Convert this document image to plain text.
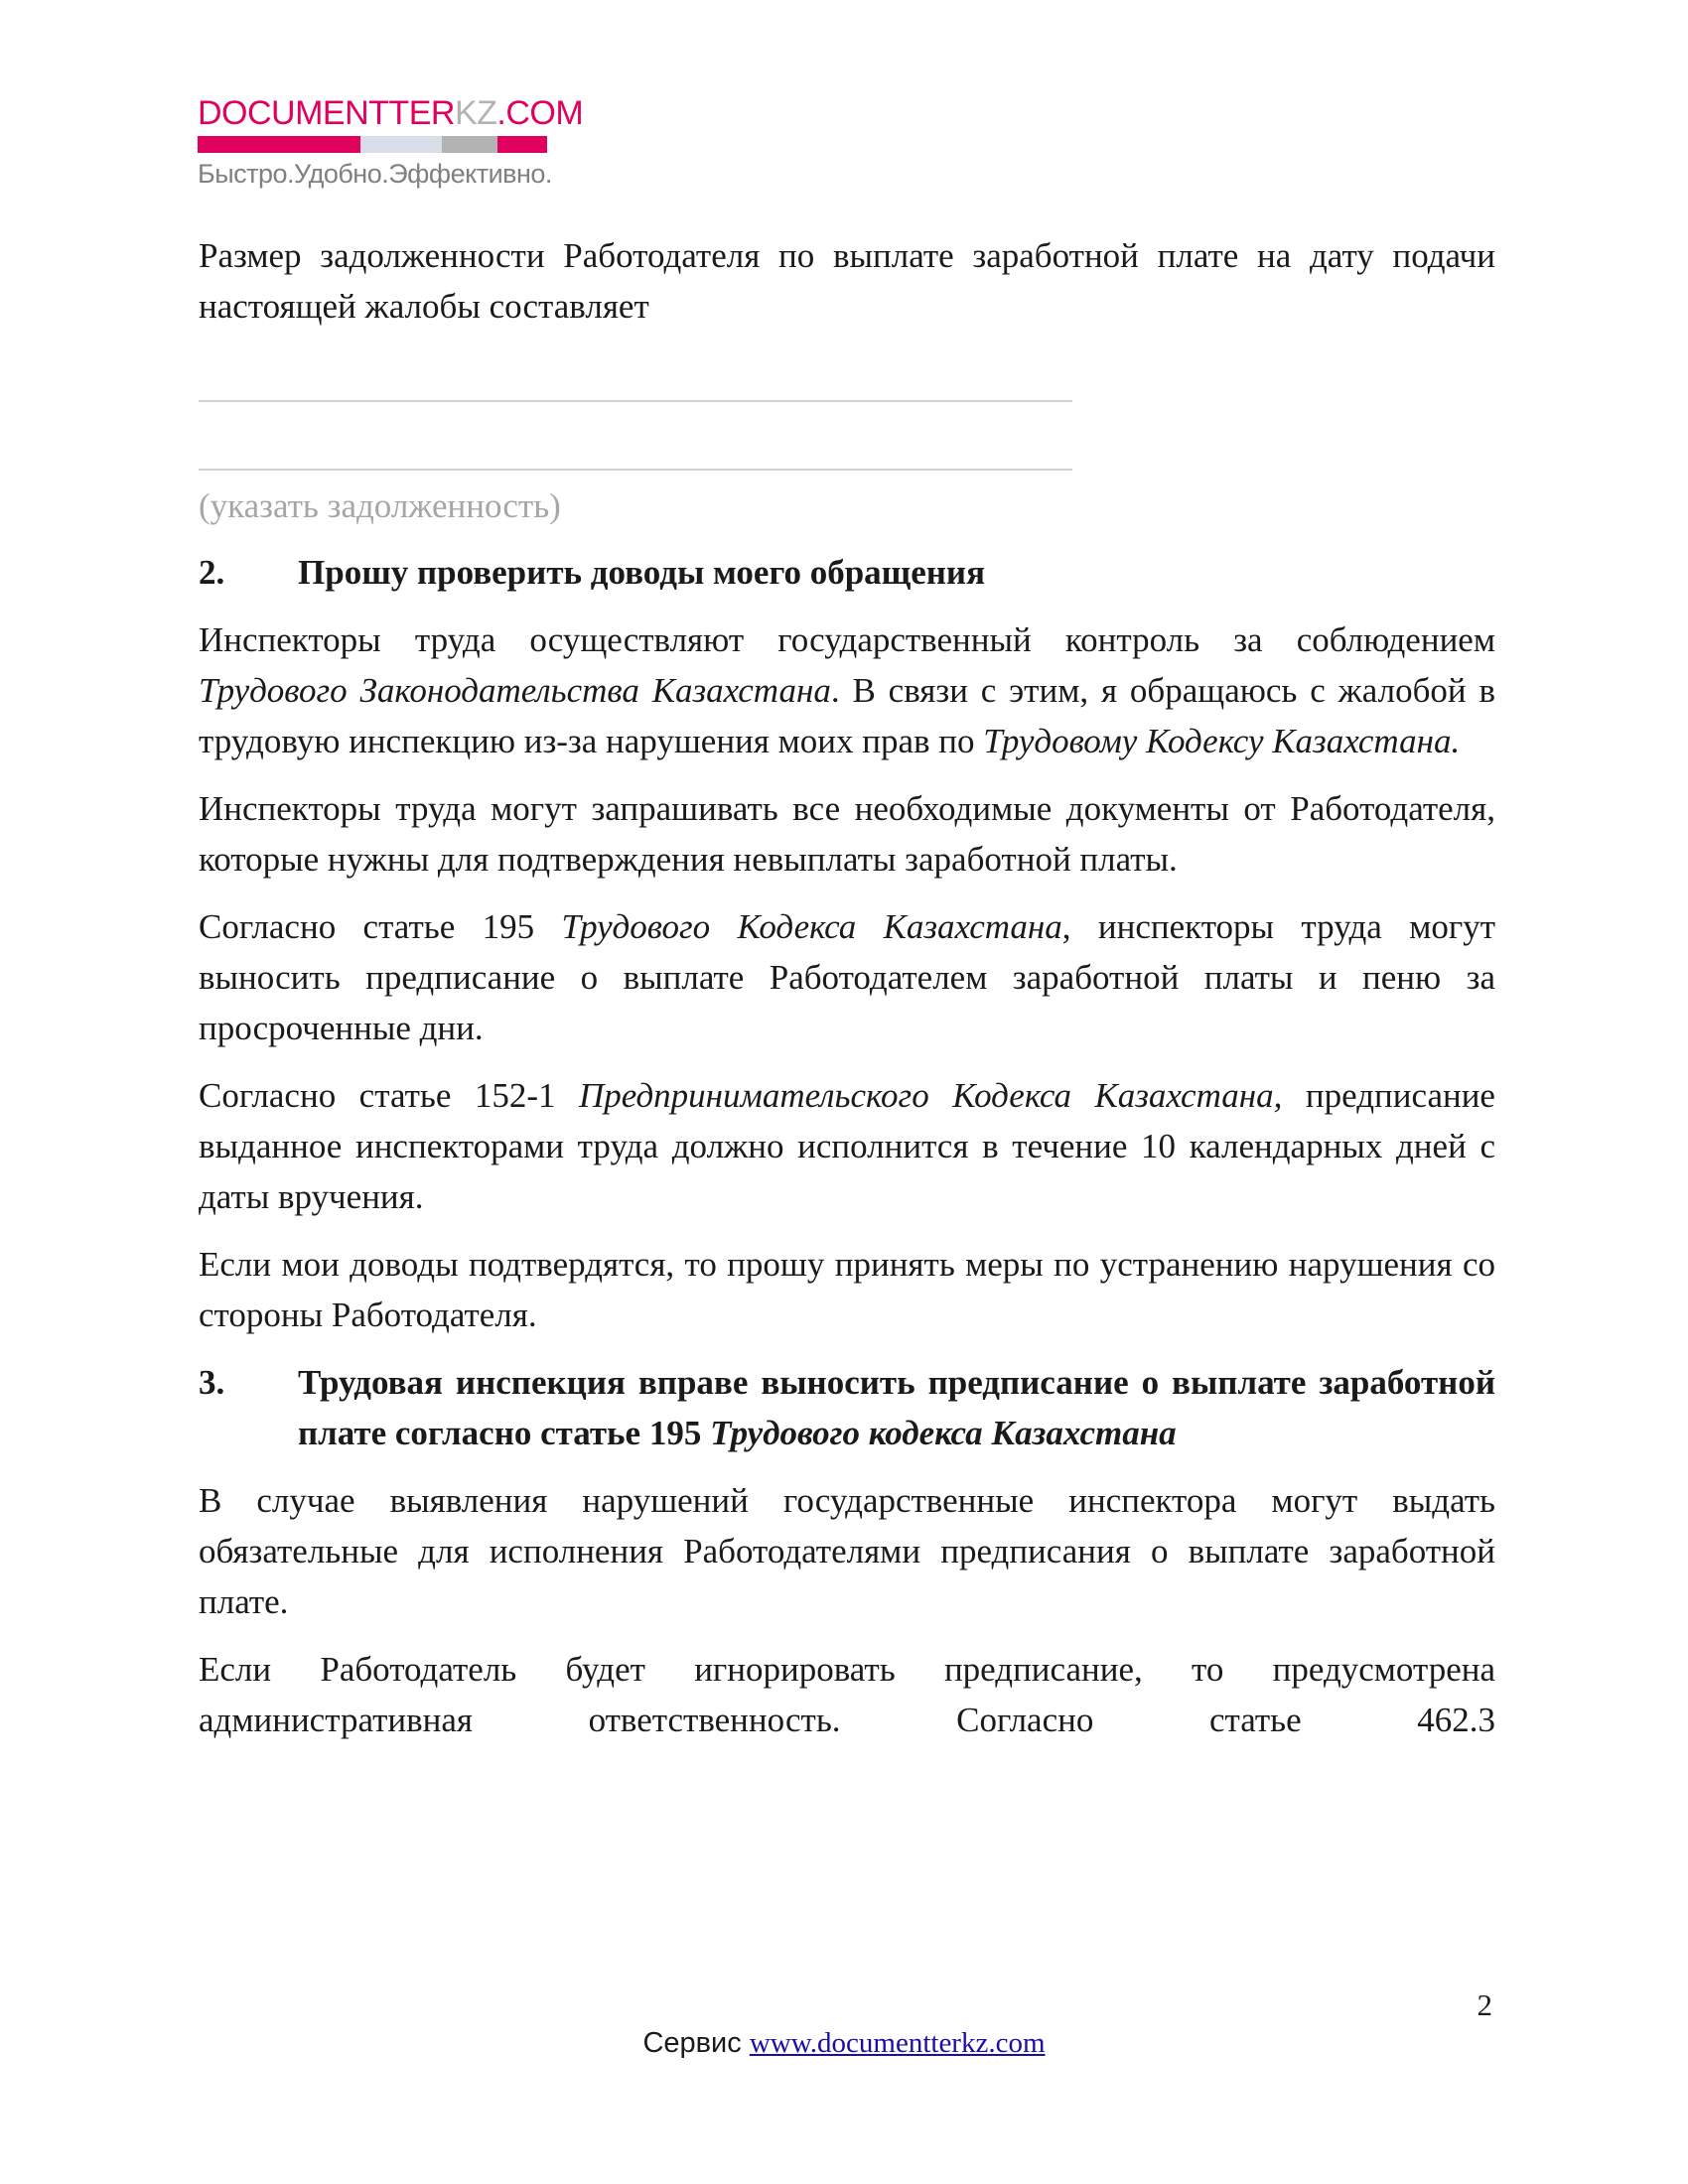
DOCUMENTTERKZ.COM
Быстро.Удобно.Эффективно.

Размер задолженности Работодателя по выплате заработной плате на дату подачи настоящей жалобы составляет

(указать задолженность)
2.	Прошу проверить доводы моего обращения

Инспекторы труда осуществляют государственный контроль за соблюдением Трудового Законодательства Казахстана. В связи с этим, я обращаюсь с жалобой в трудовую инспекцию из-за нарушения моих прав по Трудовому Кодексу Казахстана.

Инспекторы труда могут запрашивать все необходимые документы от Работодателя, которые нужны для подтверждения невыплаты заработной платы.

Согласно статье 195 Трудового Кодекса Казахстана, инспекторы труда могут выносить предписание о выплате Работодателем заработной платы и пеню за просроченные дни.

Согласно статье 152-1 Предпринимательского Кодекса Казахстана, предписание выданное инспекторами труда должно исполнится в течение 10 календарных дней с даты вручения.

Если мои доводы подтвердятся, то прошу принять меры по устранению нарушения со стороны Работодателя.

3.	Трудовая инспекция вправе выносить предписание о выплате заработной плате согласно статье 195 Трудового кодекса Казахстана

В случае выявления нарушений государственные инспектора могут выдать обязательные для исполнения Работодателями предписания о выплате заработной плате.

Если Работодатель будет игнорировать предписание, то предусмотрена

административная	ответственность.	Согласно	статье	462.3
2
Сервис www.documentterkz.com
